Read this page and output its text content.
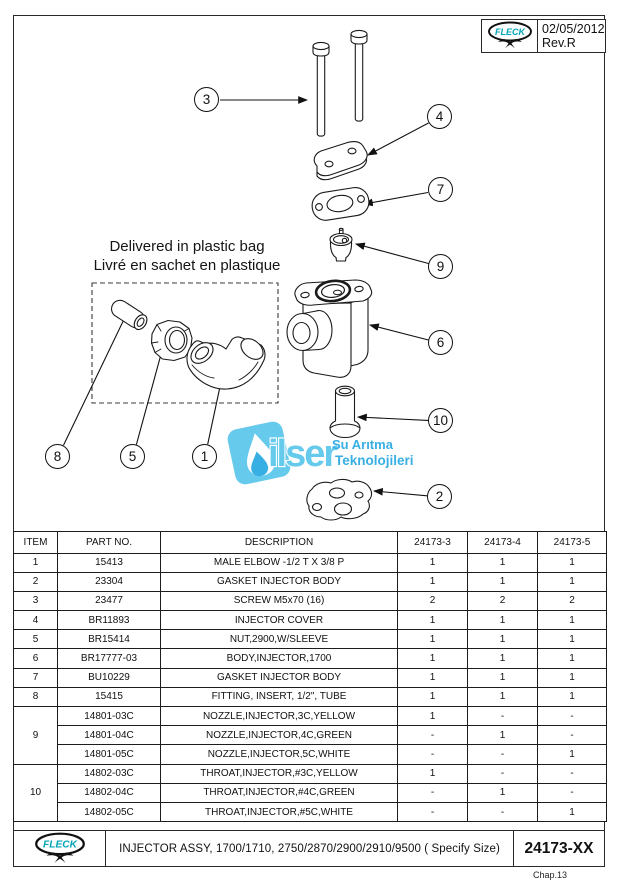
ilser
Su Arıtma
Teknolojileri
FLECK 02/05/2012
Rev.R
Delivered in plastic bag
Livré en sachet en plastique
3
4
7
9
6
10
2
8	5	1
ITEM	PART NO.	DESCRIPTION	24173-3	24173-4	24173-5
1	15413	MALE ELBOW -1/2 T X 3/8 P	1	1	1
2	23304	GASKET INJECTOR BODY	1	1	1
3	23477	SCREW M5x70 (16)	2	2	2
4	BR11893	INJECTOR COVER	1	1	1
5	BR15414	NUT,2900,W/SLEEVE	1	1	1
6	BR17777-03	BODY,INJECTOR,1700	1	1	1
7	BU10229	GASKET INJECTOR BODY	1	1	1
8	15415	FITTING, INSERT, 1/2", TUBE	1	1	1
9	14801-03C	NOZZLE,INJECTOR,3C,YELLOW	1	-	-
	14801-04C	NOZZLE,INJECTOR,4C,GREEN	-	1	-
	14801-05C	NOZZLE,INJECTOR,5C,WHITE	-	-	1
10	14802-03C	THROAT,INJECTOR,#3C,YELLOW	1	-	-
	14802-04C	THROAT,INJECTOR,#4C,GREEN	-	1	-
	14802-05C	THROAT,INJECTOR,#5C,WHITE	-	-	1
FLECK	INJECTOR ASSY, 1700/1710, 2750/2870/2900/2910/9500 ( Specify Size)	24173-XX
Chap.13
